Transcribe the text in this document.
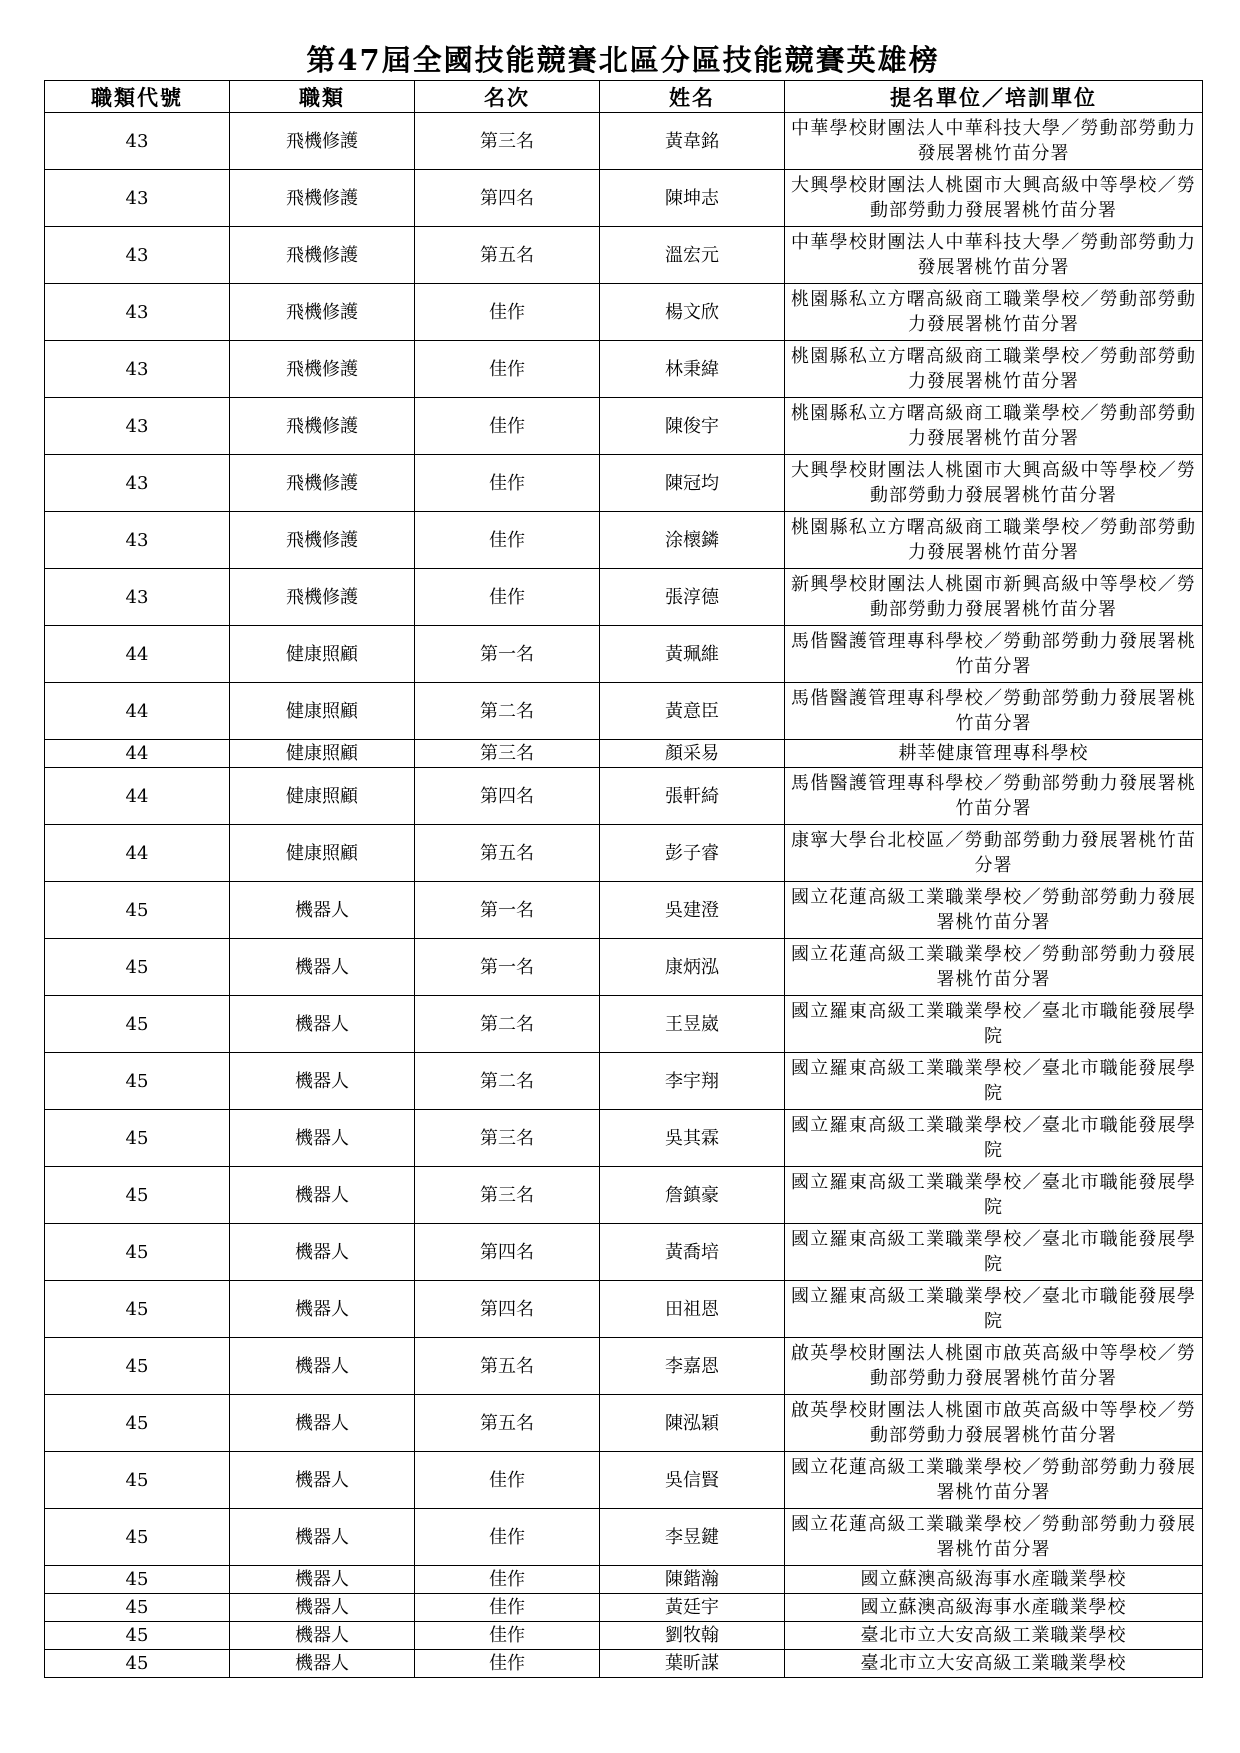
第47屆全國技能競賽北區分區技能競賽英雄榜
職類代號	職類	名次	姓名	提名單位／培訓單位
43	飛機修護	第三名	黃韋銘	中華學校財團法人中華科技大學／勞動部勞動力發展署桃竹苗分署
43	飛機修護	第四名	陳坤志	大興學校財團法人桃園市大興高級中等學校／勞動部勞動力發展署桃竹苗分署
43	飛機修護	第五名	溫宏元	中華學校財團法人中華科技大學／勞動部勞動力發展署桃竹苗分署
43	飛機修護	佳作	楊文欣	桃園縣私立方曙高級商工職業學校／勞動部勞動力發展署桃竹苗分署
43	飛機修護	佳作	林秉緯	桃園縣私立方曙高級商工職業學校／勞動部勞動力發展署桃竹苗分署
43	飛機修護	佳作	陳俊宇	桃園縣私立方曙高級商工職業學校／勞動部勞動力發展署桃竹苗分署
43	飛機修護	佳作	陳冠均	大興學校財團法人桃園市大興高級中等學校／勞動部勞動力發展署桃竹苗分署
43	飛機修護	佳作	涂櫰鏻	桃園縣私立方曙高級商工職業學校／勞動部勞動力發展署桃竹苗分署
43	飛機修護	佳作	張淳德	新興學校財團法人桃園市新興高級中等學校／勞動部勞動力發展署桃竹苗分署
44	健康照顧	第一名	黃珮維	馬偕醫護管理專科學校／勞動部勞動力發展署桃竹苗分署
44	健康照顧	第二名	黃意臣	馬偕醫護管理專科學校／勞動部勞動力發展署桃竹苗分署
44	健康照顧	第三名	顏采易	耕莘健康管理專科學校
44	健康照顧	第四名	張軒綺	馬偕醫護管理專科學校／勞動部勞動力發展署桃竹苗分署
44	健康照顧	第五名	彭子睿	康寧大學台北校區／勞動部勞動力發展署桃竹苗分署
45	機器人	第一名	吳建澄	國立花蓮高級工業職業學校／勞動部勞動力發展署桃竹苗分署
45	機器人	第一名	康炳泓	國立花蓮高級工業職業學校／勞動部勞動力發展署桃竹苗分署
45	機器人	第二名	王昱崴	國立羅東高級工業職業學校／臺北市職能發展學院
45	機器人	第二名	李宇翔	國立羅東高級工業職業學校／臺北市職能發展學院
45	機器人	第三名	吳其霖	國立羅東高級工業職業學校／臺北市職能發展學院
45	機器人	第三名	詹鎮豪	國立羅東高級工業職業學校／臺北市職能發展學院
45	機器人	第四名	黃喬培	國立羅東高級工業職業學校／臺北市職能發展學院
45	機器人	第四名	田祖恩	國立羅東高級工業職業學校／臺北市職能發展學院
45	機器人	第五名	李嘉恩	啟英學校財團法人桃園市啟英高級中等學校／勞動部勞動力發展署桃竹苗分署
45	機器人	第五名	陳泓穎	啟英學校財團法人桃園市啟英高級中等學校／勞動部勞動力發展署桃竹苗分署
45	機器人	佳作	吳信賢	國立花蓮高級工業職業學校／勞動部勞動力發展署桃竹苗分署
45	機器人	佳作	李昱鍵	國立花蓮高級工業職業學校／勞動部勞動力發展署桃竹苗分署
45	機器人	佳作	陳鍇瀚	國立蘇澳高級海事水產職業學校
45	機器人	佳作	黃廷宇	國立蘇澳高級海事水產職業學校
45	機器人	佳作	劉牧翰	臺北市立大安高級工業職業學校
45	機器人	佳作	葉昕謀	臺北市立大安高級工業職業學校
